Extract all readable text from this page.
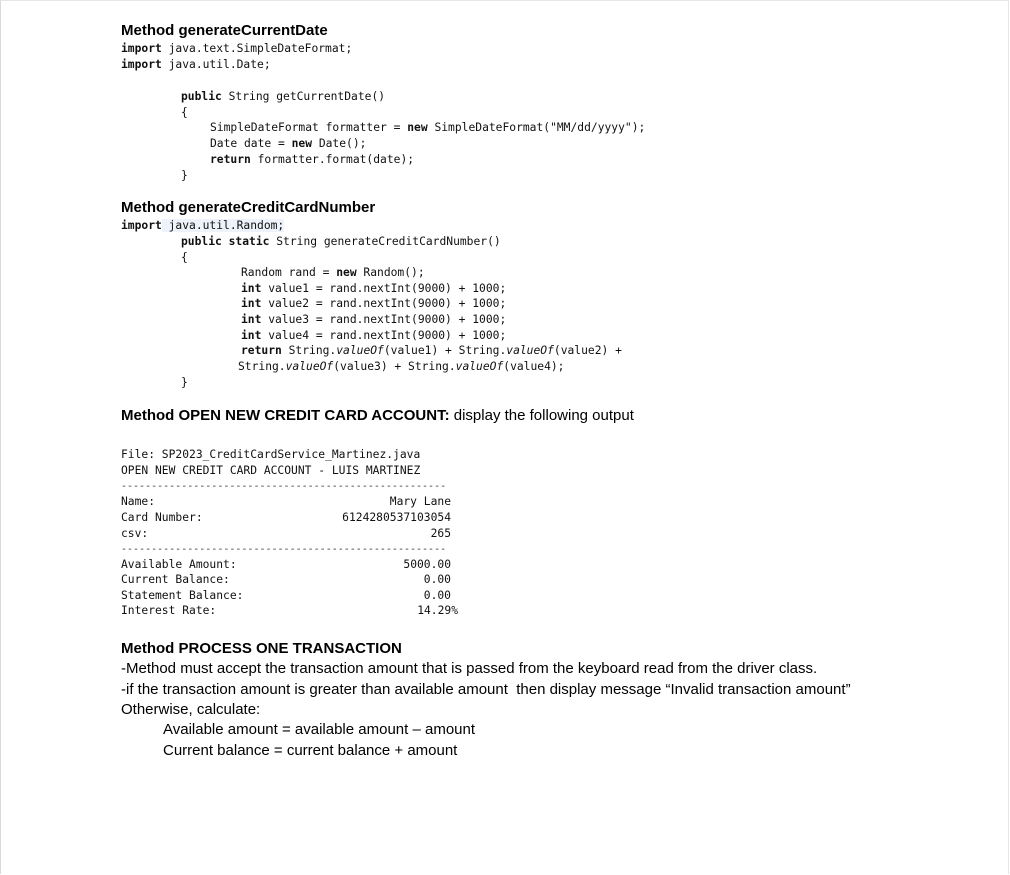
Method generateCurrentDate
import java.text.SimpleDateFormat;
import java.util.Date;
public String getCurrentDate()
{
SimpleDateFormat formatter = new SimpleDateFormat("MM/dd/yyyy");
Date date = new Date();
return formatter.format(date);
}
Method generateCreditCardNumber
import java.util.Random;
public static String generateCreditCardNumber()
{
Random rand = new Random();
int value1 = rand.nextInt(9000) + 1000;
int value2 = rand.nextInt(9000) + 1000;
int value3 = rand.nextInt(9000) + 1000;
int value4 = rand.nextInt(9000) + 1000;
return String.valueOf(value1) + String.valueOf(value2) +
String.valueOf(value3) + String.valueOf(value4);
}
Method OPEN NEW CREDIT CARD ACCOUNT: display the following output
File: SP2023_CreditCardService_Martinez.java
OPEN NEW CREDIT CARD ACCOUNT - LUIS MARTINEZ
------------------------------------------------------
Name:	Mary Lane
Card Number:	6124280537103054
csv:	265
------------------------------------------------------
Available Amount:	5000.00
Current Balance:	0.00
Statement Balance:	0.00
Interest Rate:	14.29%
Method PROCESS ONE TRANSACTION
-Method must accept the transaction amount that is passed from the keyboard read from the driver class.
-if the transaction amount is greater than available amount  then display message “Invalid transaction amount”
Otherwise, calculate:
Available amount = available amount – amount
Current balance = current balance + amount
